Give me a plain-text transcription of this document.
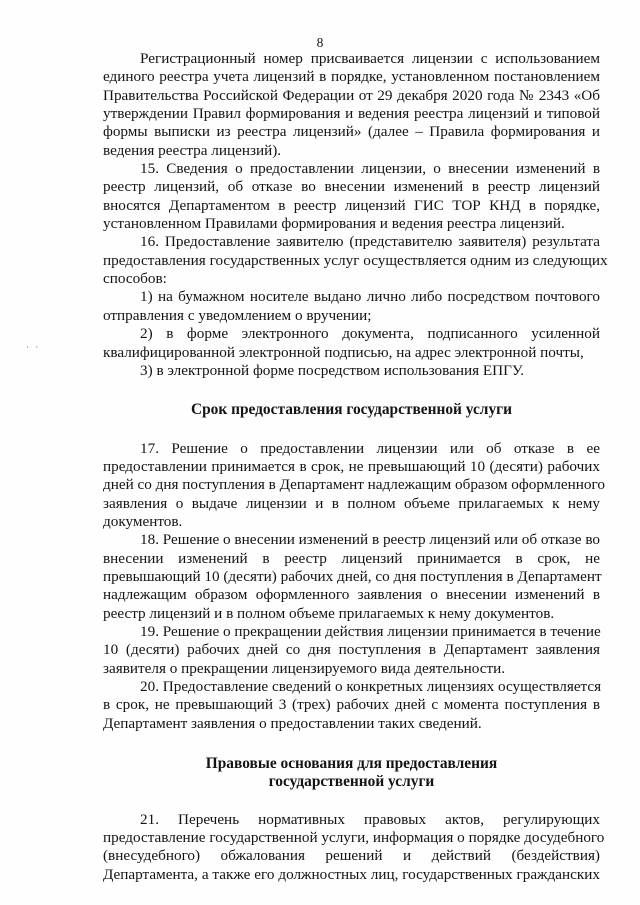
8
· ·

Регистрационный номер присваивается лицензии с использованием
единого реестра учета лицензий в порядке, установленном постановлением
Правительства Российской Федерации от 29 декабря 2020 года № 2343 «Об
утверждении Правил формирования и ведения реестра лицензий и типовой
формы выписки из реестра лицензий» (далее – Правила формирования и
ведения реестра лицензий).

15. Сведения о предоставлении лицензии, о внесении изменений в
реестр лицензий, об отказе во внесении изменений в реестр лицензий
вносятся Департаментом в реестр лицензий ГИС ТОР КНД в порядке,
установленном Правилами формирования и ведения реестра лицензий.

16. Предоставление заявителю (представителю заявителя) результата
предоставления государственных услуг осуществляется одним из следующих
способов:

1) на бумажном носителе выдано лично либо посредством почтового
отправления с уведомлением о вручении;

2) в форме электронного документа, подписанного усиленной
квалифицированной электронной подписью, на адрес электронной почты,

3) в электронной форме посредством использования ЕПГУ.

Срок предоставления государственной услуги

17. Решение о предоставлении лицензии или об отказе в ее
предоставлении принимается в срок, не превышающий 10 (десяти) рабочих
дней со дня поступления в Департамент надлежащим образом оформленного
заявления о выдаче лицензии и в полном объеме прилагаемых к нему
документов.

18. Решение о внесении изменений в реестр лицензий или об отказе во
внесении изменений в реестр лицензий принимается в срок, не
превышающий 10 (десяти) рабочих дней, со дня поступления в Департамент
надлежащим образом оформленного заявления о внесении изменений в
реестр лицензий и в полном объеме прилагаемых к нему документов.

19. Решение о прекращении действия лицензии принимается в течение
10 (десяти) рабочих дней со дня поступления в Департамент заявления
заявителя о прекращении лицензируемого вида деятельности.

20. Предоставление сведений о конкретных лицензиях осуществляется
в срок, не превышающий 3 (трех) рабочих дней с момента поступления в
Департамент заявления о предоставлении таких сведений.

Правовые основания для предоставления
государственной услуги

21. Перечень нормативных правовых актов, регулирующих
предоставление государственной услуги, информация о порядке досудебного
(внесудебного) обжалования решений и действий (бездействия)
Департамента, а также его должностных лиц, государственных гражданских
